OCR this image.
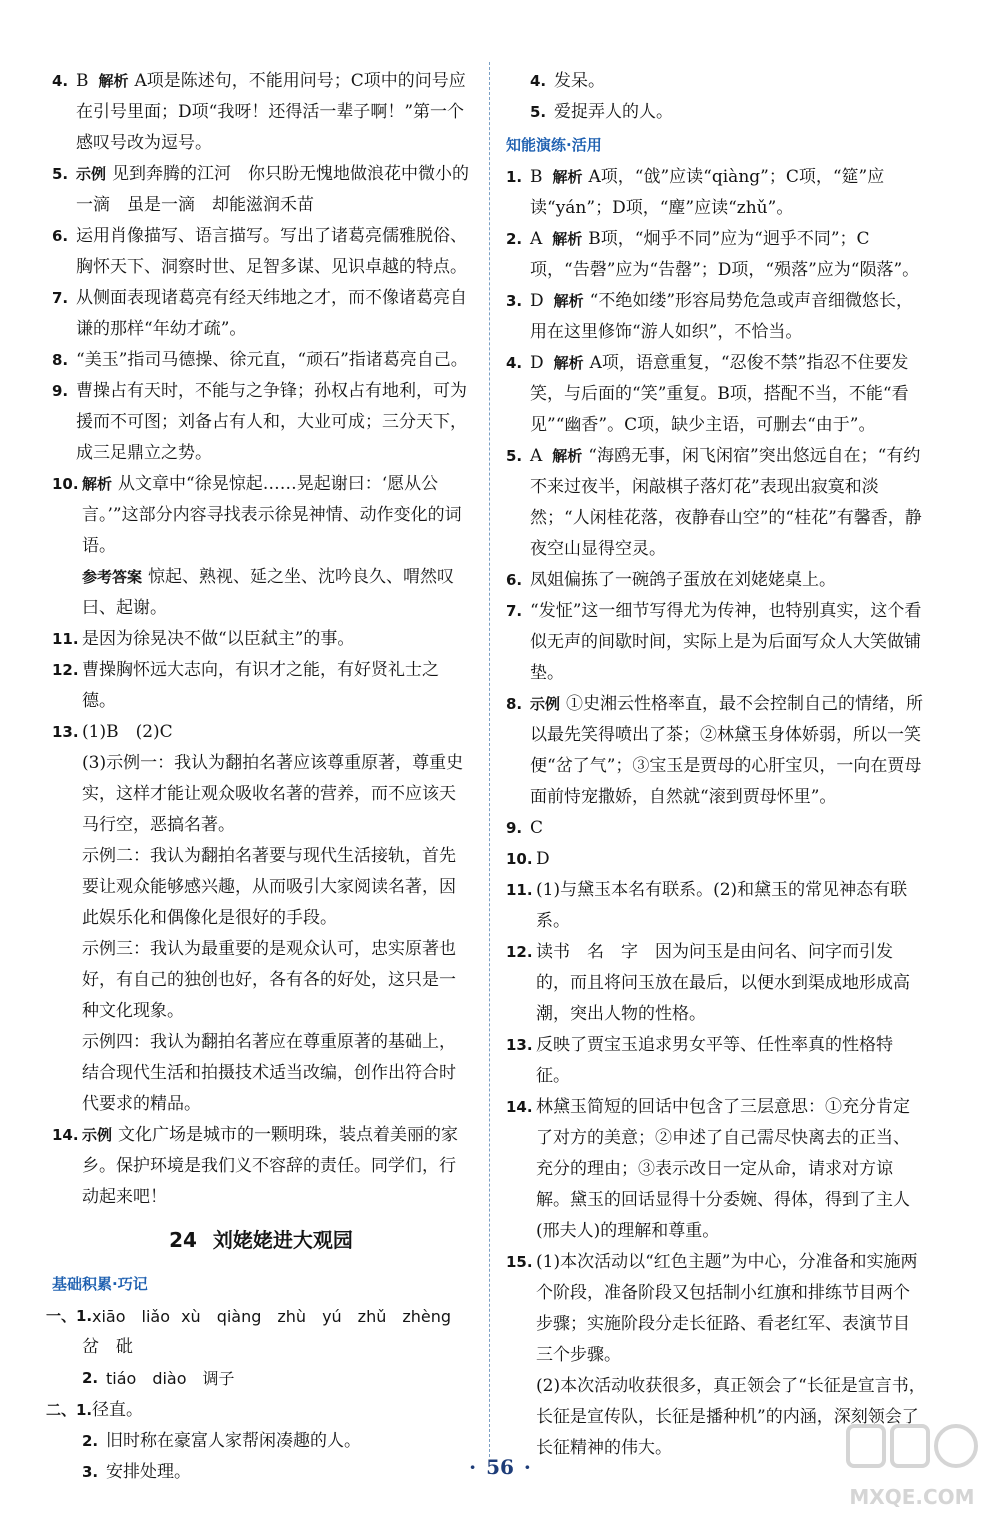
4. B 解析 A项是陈述句，不能用问号；C项中的问号应在引号里面；D项“我呀！还得活一辈子啊！”第一个感叹号改为逗号。
5. 示例 见到奔腾的江河　你只盼无愧地做浪花中微小的一滴　虽是一滴　却能滋润禾苗
6. 运用肖像描写、语言描写。写出了诸葛亮儒雅脱俗、胸怀天下、洞察时世、足智多谋、见识卓越的特点。
7. 从侧面表现诸葛亮有经天纬地之才，而不像诸葛亮自谦的那样“年幼才疏”。
8. “美玉”指司马德操、徐元直，“顽石”指诸葛亮自己。
9. 曹操占有天时，不能与之争锋；孙权占有地利，可为援而不可图；刘备占有人和，大业可成；三分天下，成三足鼎立之势。
10. 解析 从文章中“徐晃惊起……晃起谢曰：‘愿从公言。’”这部分内容寻找表示徐晃神情、动作变化的词语。
参考答案 惊起、熟视、延之坐、沈吟良久、喟然叹曰、起谢。
11. 是因为徐晃决不做“以臣弑主”的事。
12. 曹操胸怀远大志向，有识才之能，有好贤礼士之德。
13. (1)B　(2)C
(3)示例一：我认为翻拍名著应该尊重原著，尊重史实，这样才能让观众吸收名著的营养，而不应该天马行空，恶搞名著。
示例二：我认为翻拍名著要与现代生活接轨，首先要让观众能够感兴趣，从而吸引大家阅读名著，因此娱乐化和偶像化是很好的手段。
示例三：我认为最重要的是观众认可，忠实原著也好，有自己的独创也好，各有各的好处，这只是一种文化现象。
示例四：我认为翻拍名著应在尊重原著的基础上，结合现代生活和拍摄技术适当改编，创作出符合时代要求的精品。
14. 示例 文化广场是城市的一颗明珠，装点着美丽的家乡。保护环境是我们义不容辞的责任。同学们，行动起来吧！
24 刘姥姥进大观园
基础积累·巧记
一、1. xiāo　liǎo xù　qiàng　zhù　yú　zhǔ　zhèng
岔　砒
2. tiáo　diào　调子
二、1. 径直。
2. 旧时称在豪富人家帮闲凑趣的人。
3. 安排处理。
4. 发呆。
5. 爱捉弄人的人。
知能演练·活用
1. B 解析 A项，“戗”应读“qiàng”；C项，“筵”应读“yán”；D项，“麈”应读“zhǔ”。
2. A 解析 B项，“炯乎不同”应为“迥乎不同”；C项，“告磬”应为“告罄”；D项，“殒落”应为“陨落”。
3. D 解析 “不绝如缕”形容局势危急或声音细微悠长，用在这里修饰“游人如织”，不恰当。
4. D 解析 A项，语意重复，“忍俊不禁”指忍不住要发笑，与后面的“笑”重复。B项，搭配不当，不能“看见”“幽香”。C项，缺少主语，可删去“由于”。
5. A 解析 “海鸥无事，闲飞闲宿”突出悠远自在；“有约不来过夜半，闲敲棋子落灯花”表现出寂寞和淡然；“人闲桂花落，夜静春山空”的“桂花”有馨香，静夜空山显得空灵。
6. 凤姐偏拣了一碗鸽子蛋放在刘姥姥桌上。
7. “发怔”这一细节写得尤为传神，也特别真实，这个看似无声的间歇时间，实际上是为后面写众人大笑做铺垫。
8. 示例 ①史湘云性格率直，最不会控制自己的情绪，所以最先笑得喷出了茶；②林黛玉身体娇弱，所以一笑便“岔了气”；③宝玉是贾母的心肝宝贝，一向在贾母面前恃宠撒娇，自然就“滚到贾母怀里”。
9. C
10. D
11. (1)与黛玉本名有联系。(2)和黛玉的常见神态有联系。
12. 读书　名　字　因为问玉是由问名、问字而引发的，而且将问玉放在最后，以便水到渠成地形成高潮，突出人物的性格。
13. 反映了贾宝玉追求男女平等、任性率真的性格特征。
14. 林黛玉简短的回话中包含了三层意思：①充分肯定了对方的美意；②申述了自己需尽快离去的正当、充分的理由；③表示改日一定从命，请求对方谅解。黛玉的回话显得十分委婉、得体，得到了主人(邢夫人)的理解和尊重。
15. (1)本次活动以“红色主题”为中心，分准备和实施两个阶段，准备阶段又包括制小红旗和排练节目两个步骤；实施阶段分走长征路、看老红军、表演节目三个步骤。
(2)本次活动收获很多，真正领会了“长征是宣言书，长征是宣传队，长征是播种机”的内涵，深刻领会了长征精神的伟大。
· 56 ·
MXQE.COM
